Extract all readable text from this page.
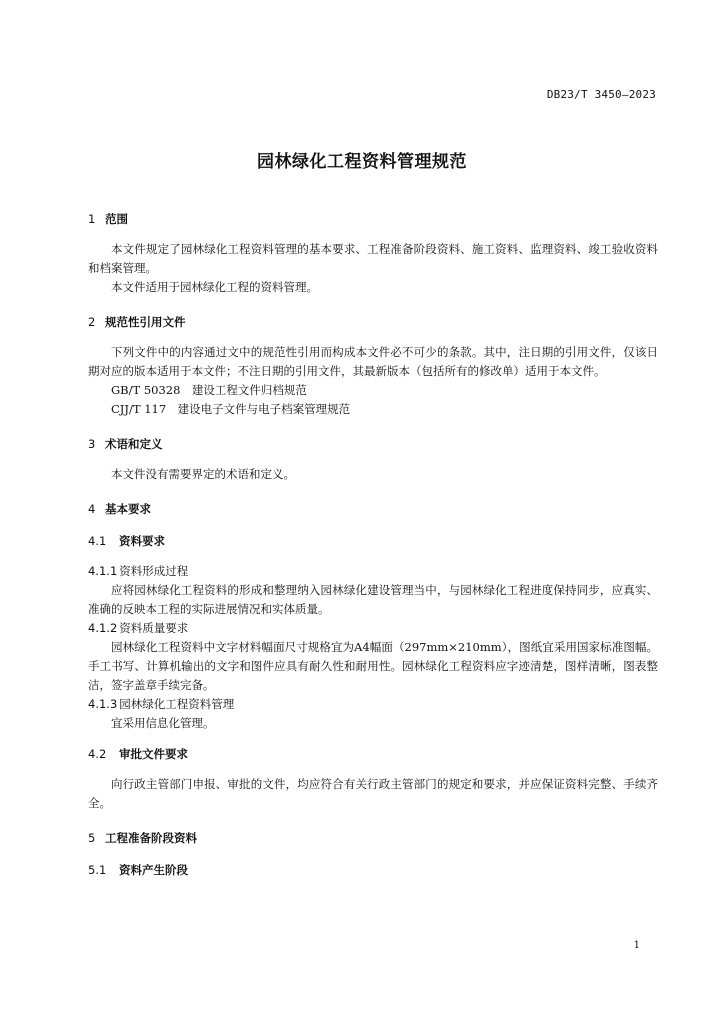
DB23/T 3450—2023
园林绿化工程资料管理规范
1 范围

本文件规定了园林绿化工程资料管理的基本要求、工程准备阶段资料、施工资料、监理资料、竣工验收资料和档案管理。

本文件适用于园林绿化工程的资料管理。

2 规范性引用文件

下列文件中的内容通过文中的规范性引用而构成本文件必不可少的条款。其中，注日期的引用文件，仅该日期对应的版本适用于本文件；不注日期的引用文件，其最新版本（包括所有的修改单）适用于本文件。

GB/T 50328　建设工程文件归档规范

CJJ/T 117　建设电子文件与电子档案管理规范

3 术语和定义

本文件没有需要界定的术语和定义。

4 基本要求
4.1 资料要求
4.1.1 资料形成过程

应将园林绿化工程资料的形成和整理纳入园林绿化建设管理当中，与园林绿化工程进度保持同步，应真实、准确的反映本工程的实际进展情况和实体质量。

4.1.2 资料质量要求

园林绿化工程资料中文字材料幅面尺寸规格宜为A4幅面（297mm×210mm），图纸宜采用国家标准图幅。手工书写、计算机输出的文字和图件应具有耐久性和耐用性。园林绿化工程资料应字迹清楚，图样清晰，图表整洁，签字盖章手续完备。

4.1.3 园林绿化工程资料管理

宜采用信息化管理。

4.2 审批文件要求

向行政主管部门申报、审批的文件，均应符合有关行政主管部门的规定和要求，并应保证资料完整、手续齐全。

5 工程准备阶段资料
5.1 资料产生阶段
1
